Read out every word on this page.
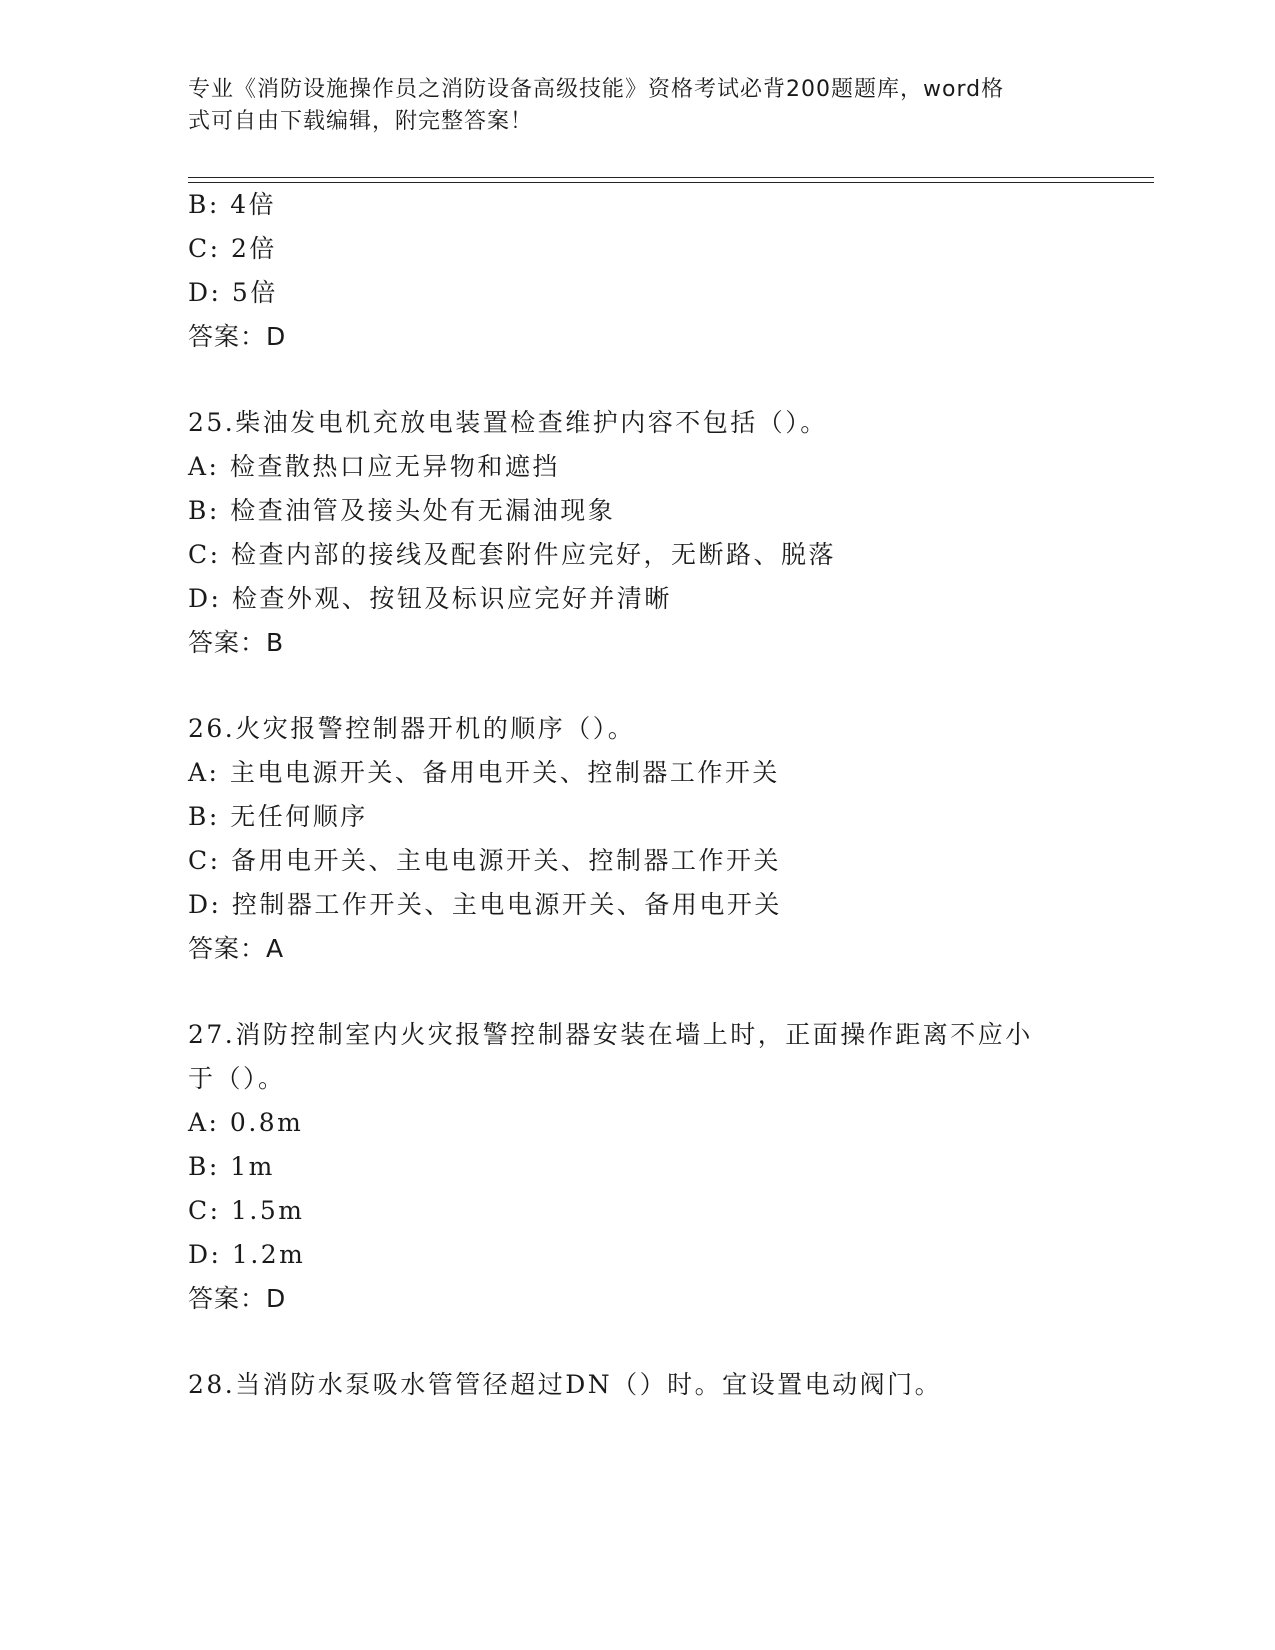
专业《消防设施操作员之消防设备高级技能》资格考试必背200题题库，word格
式可自由下载编辑，附完整答案！
B: 4倍
C: 2倍
D: 5倍
答案：D
25.柴油发电机充放电装置检查维护内容不包括（）。
A: 检查散热口应无异物和遮挡
B: 检查油管及接头处有无漏油现象
C: 检查内部的接线及配套附件应完好，无断路、脱落
D: 检查外观、按钮及标识应完好并清晰
答案：B
26.火灾报警控制器开机的顺序（）。
A: 主电电源开关、备用电开关、控制器工作开关
B: 无任何顺序
C: 备用电开关、主电电源开关、控制器工作开关
D: 控制器工作开关、主电电源开关、备用电开关
答案：A
27.消防控制室内火灾报警控制器安装在墙上时，正面操作距离不应小
于（）。
A: 0.8m
B: 1m
C: 1.5m
D: 1.2m
答案：D
28.当消防水泵吸水管管径超过DN（）时。宜设置电动阀门。
